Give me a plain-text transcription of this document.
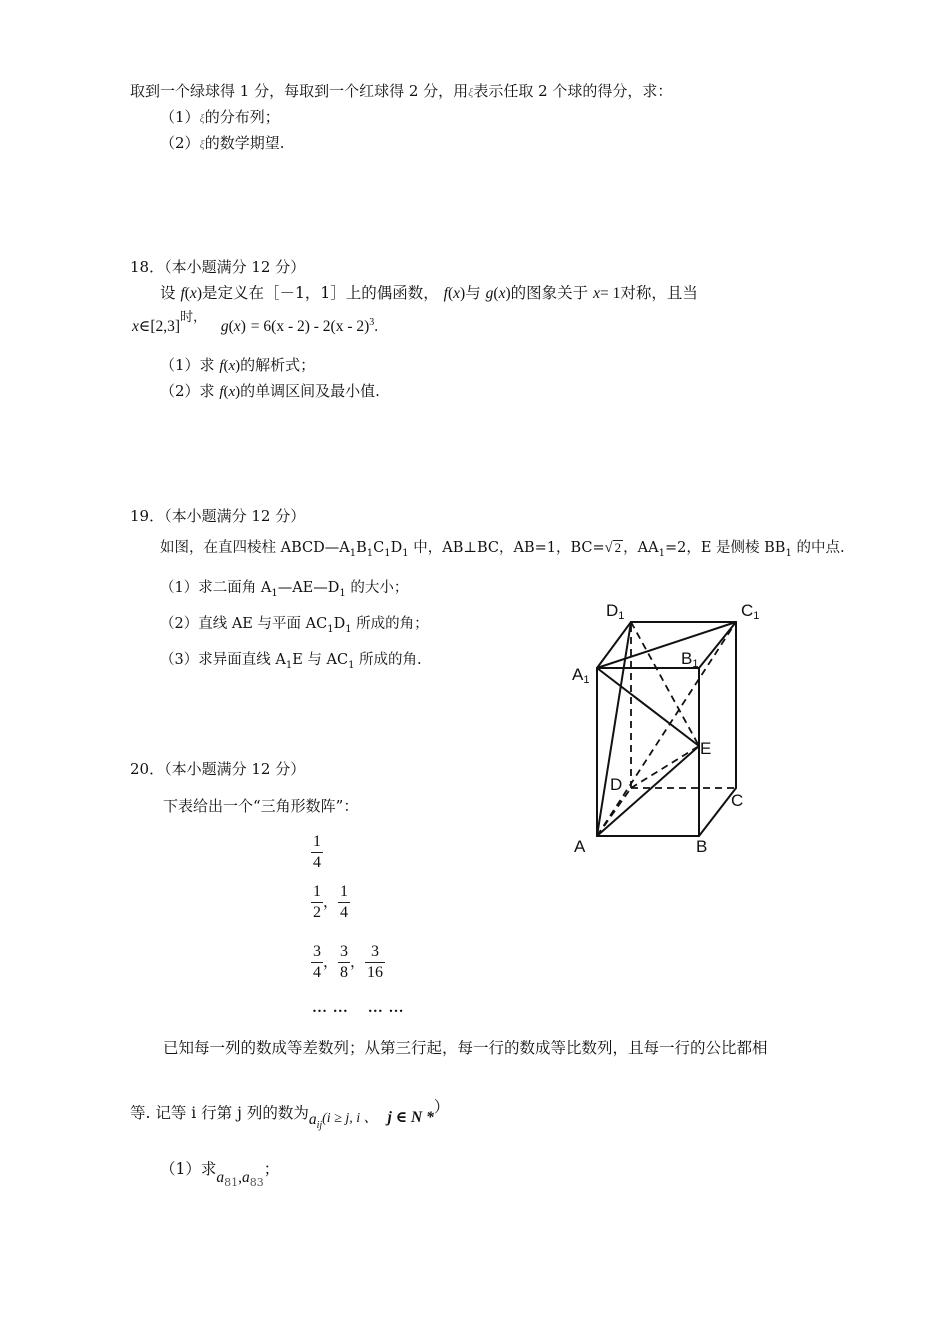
取到一个绿球得 1 分，每取到一个红球得 2 分，用ξ表示任取 2 个球的得分，求：
（1）ξ的分布列；
（2）ξ的数学期望.
18．（本小题满分 12 分）
设 f(x)是定义在［－1，1］上的偶函数， f(x)与 g(x)的图象关于 x= 1对称，且当
$x\in[2,3]^{时,}$   g(x) = 6(x - 2) - 2(x - 2)$^3$.
（1）求 f(x)的解析式；
（2）求 f(x)的单调区间及最小值.
19．（本小题满分 12 分）
如图，在直四棱柱 $ABCD—A_1B_1C_1D_1$ 中，AB⊥BC，AB=1，BC=√ 2 ，$AA_1=2$，E 是侧棱 $BB_1$ 的中点.
（1）求二面角 $A_1—AE—D_1$ 的大小；
（2）直线 AE 与平面 $AC_1D_1$ 所成的角；
（3）求异面直线 $A_1E$ 与 $AC_1$ 所成的角.
D1	C1
A1
B1
E
D
C
A	B
20．（本小题满分 12 分）
下表给出一个“三角形数阵”：
$\frac{1}{4}$
$\frac{1}{2}$ ， $\frac{1}{4}$
$\frac{3}{4}$ ， $\frac{3}{8}$ ， $\frac{3}{16}$
… …    … …
已知每一列的数成等差数列；从第三行起，每一行的数成等比数列，且每一行的公比都相
等. 记等 i 行第 j 列的数为$a_{ij}(i \ge j$, i 、 j ∈ N *）
（1）求$a_{81},a_{83}$；
